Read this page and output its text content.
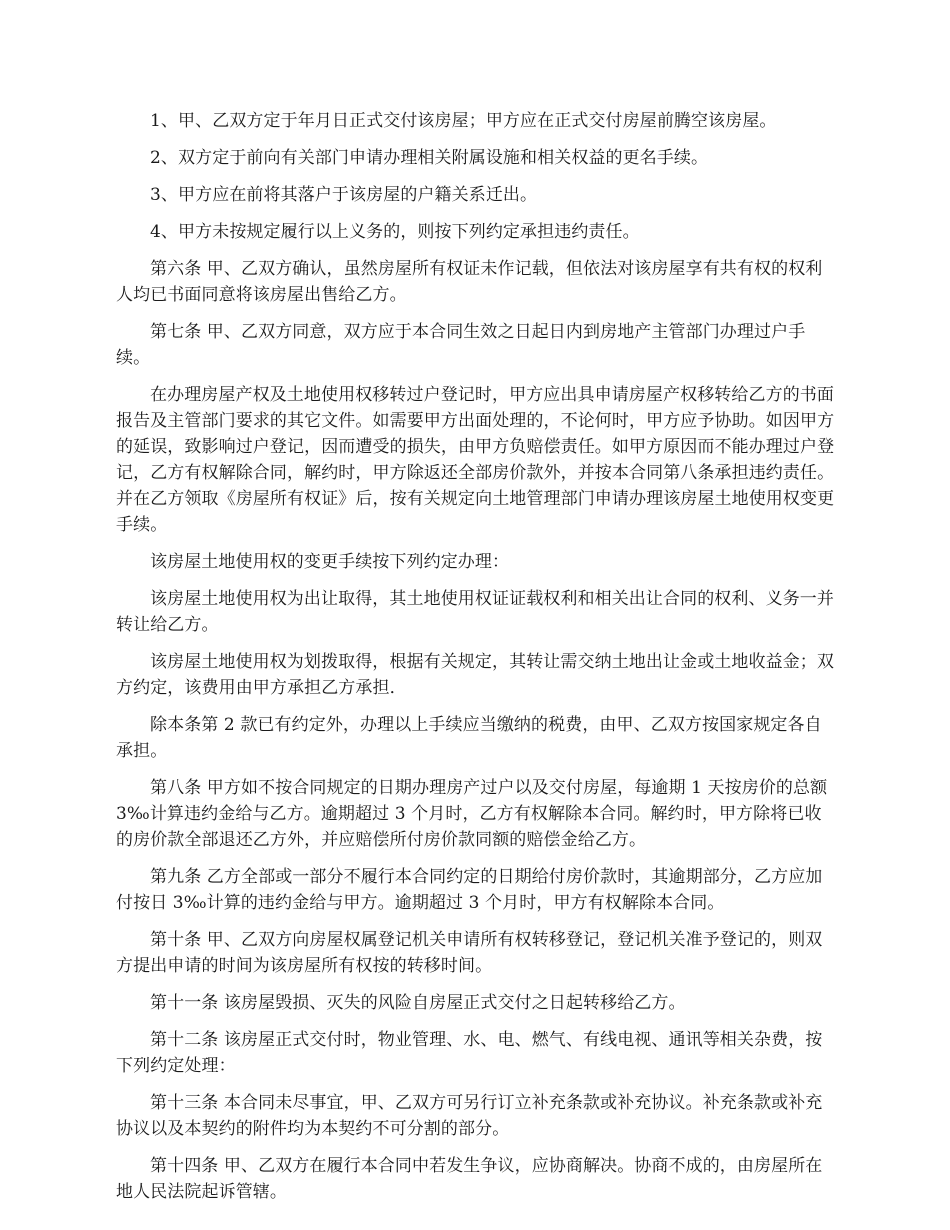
1、甲、乙双方定于年月日正式交付该房屋；甲方应在正式交付房屋前腾空该房屋。

2、双方定于前向有关部门申请办理相关附属设施和相关权益的更名手续。

3、甲方应在前将其落户于该房屋的户籍关系迁出。

4、甲方未按规定履行以上义务的，则按下列约定承担违约责任。

第六条 甲、乙双方确认，虽然房屋所有权证未作记载，但依法对该房屋享有共有权的权利人均已书面同意将该房屋出售给乙方。

第七条 甲、乙双方同意，双方应于本合同生效之日起日内到房地产主管部门办理过户手续。

在办理房屋产权及土地使用权移转过户登记时，甲方应出具申请房屋产权移转给乙方的书面报告及主管部门要求的其它文件。如需要甲方出面处理的，不论何时，甲方应予协助。如因甲方的延误，致影响过户登记，因而遭受的损失，由甲方负赔偿责任。如甲方原因而不能办理过户登记，乙方有权解除合同，解约时，甲方除返还全部房价款外，并按本合同第八条承担违约责任。并在乙方领取《房屋所有权证》后，按有关规定向土地管理部门申请办理该房屋土地使用权变更手续。

该房屋土地使用权的变更手续按下列约定办理：

该房屋土地使用权为出让取得，其土地使用权证证载权利和相关出让合同的权利、义务一并转让给乙方。

该房屋土地使用权为划拨取得，根据有关规定，其转让需交纳土地出让金或土地收益金；双方约定，该费用由甲方承担乙方承担．

除本条第 2 款已有约定外，办理以上手续应当缴纳的税费，由甲、乙双方按国家规定各自承担。

第八条 甲方如不按合同规定的日期办理房产过户以及交付房屋，每逾期 1 天按房价的总额 3‰计算违约金给与乙方。逾期超过 3 个月时，乙方有权解除本合同。解约时，甲方除将已收的房价款全部退还乙方外，并应赔偿所付房价款同额的赔偿金给乙方。

第九条 乙方全部或一部分不履行本合同约定的日期给付房价款时，其逾期部分，乙方应加付按日 3‰计算的违约金给与甲方。逾期超过 3 个月时，甲方有权解除本合同。

第十条 甲、乙双方向房屋权属登记机关申请所有权转移登记，登记机关准予登记的，则双方提出申请的时间为该房屋所有权按的转移时间。

第十一条 该房屋毁损、灭失的风险自房屋正式交付之日起转移给乙方。

第十二条 该房屋正式交付时，物业管理、水、电、燃气、有线电视、通讯等相关杂费，按下列约定处理：

第十三条 本合同未尽事宜，甲、乙双方可另行订立补充条款或补充协议。补充条款或补充协议以及本契约的附件均为本契约不可分割的部分。

第十四条 甲、乙双方在履行本合同中若发生争议，应协商解决。协商不成的，由房屋所在地人民法院起诉管辖。
